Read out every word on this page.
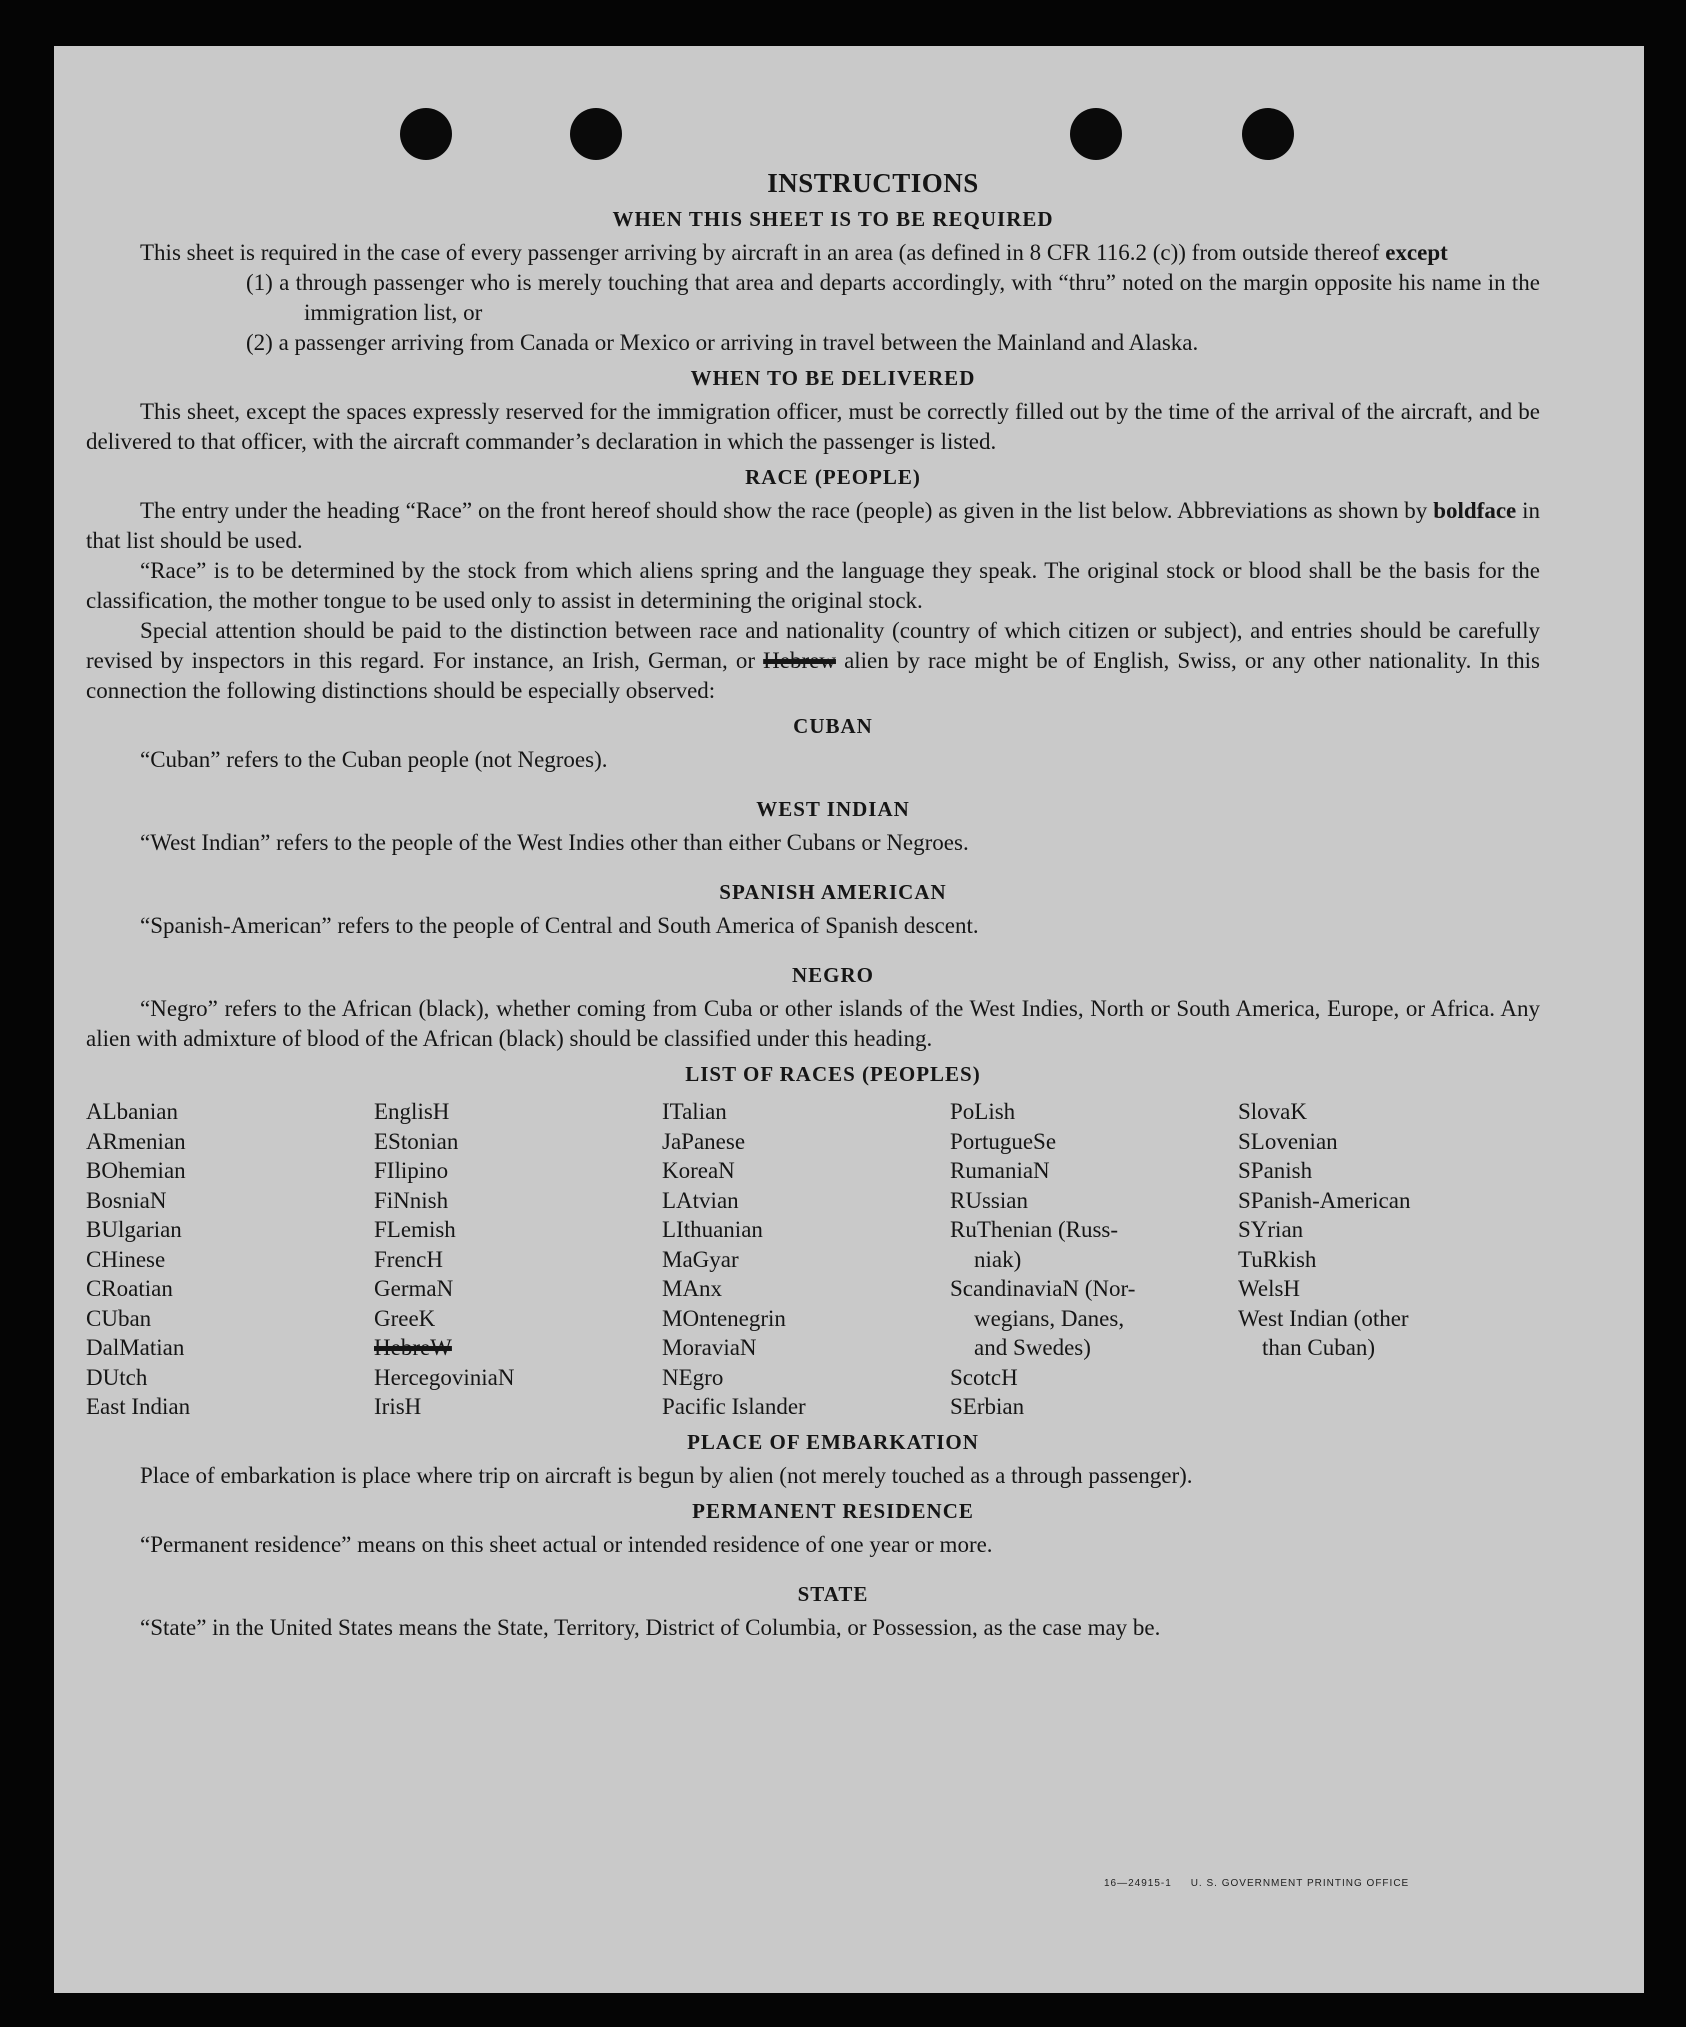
INSTRUCTIONS
WHEN THIS SHEET IS TO BE REQUIRED

This sheet is required in the case of every passenger arriving by aircraft in an area (as defined in 8 CFR 116.2 (c)) from outside thereof except

(1) a through passenger who is merely touching that area and departs accordingly, with “thru” noted on the margin opposite his name in the immigration list, or
(2) a passenger arriving from Canada or Mexico or arriving in travel between the Mainland and Alaska.
WHEN TO BE DELIVERED

This sheet, except the spaces expressly reserved for the immigration officer, must be correctly filled out by the time of the arrival of the aircraft, and be delivered to that officer, with the aircraft commander’s declaration in which the passenger is listed.

RACE (PEOPLE)

The entry under the heading “Race” on the front hereof should show the race (people) as given in the list below. Abbreviations as shown by boldface in that list should be used.

“Race” is to be determined by the stock from which aliens spring and the language they speak. The original stock or blood shall be the basis for the classification, the mother tongue to be used only to assist in determining the original stock.

Special attention should be paid to the distinction between race and nationality (country of which citizen or subject), and entries should be carefully revised by inspectors in this regard. For instance, an Irish, German, or Hebrew alien by race might be of English, Swiss, or any other nationality. In this connection the following distinctions should be especially observed:

CUBAN

“Cuban” refers to the Cuban people (not Negroes).

WEST INDIAN

“West Indian” refers to the people of the West Indies other than either Cubans or Negroes.

SPANISH AMERICAN

“Spanish-American” refers to the people of Central and South America of Spanish descent.

NEGRO

“Negro” refers to the African (black), whether coming from Cuba or other islands of the West Indies, North or South America, Europe, or Africa. Any alien with admixture of blood of the African (black) should be classified under this heading.

LIST OF RACES (PEOPLES)
ALbanian
ARmenian
BOhemian
BosniaN
BUlgarian
CHinese
CRoatian
CUban
DalMatian
DUtch
East Indian
EnglisH
EStonian
FIlipino
FiNnish
FLemish
FrencH
GermaN
GreeK
HebreW
HercegoviniaN
IrisH
ITalian
JaPanese
KoreaN
LAtvian
LIthuanian
MaGyar
MAnx
MOntenegrin
MoraviaN
NEgro
Pacific Islander
PoLish
PortugueSe
RumaniaN
RUssian
RuThenian (Russ-
niak)
ScandinaviaN (Nor-
wegians, Danes,
and Swedes)
ScotcH
SErbian
SlovaK
SLovenian
SPanish
SPanish-American
SYrian
TuRkish
WelsH
West Indian (other
than Cuban)
PLACE OF EMBARKATION

Place of embarkation is place where trip on aircraft is begun by alien (not merely touched as a through passenger).

PERMANENT RESIDENCE

“Permanent residence” means on this sheet actual or intended residence of one year or more.

STATE

“State” in the United States means the State, Territory, District of Columbia, or Possession, as the case may be.

16—24915-1     U. S. GOVERNMENT PRINTING OFFICE
